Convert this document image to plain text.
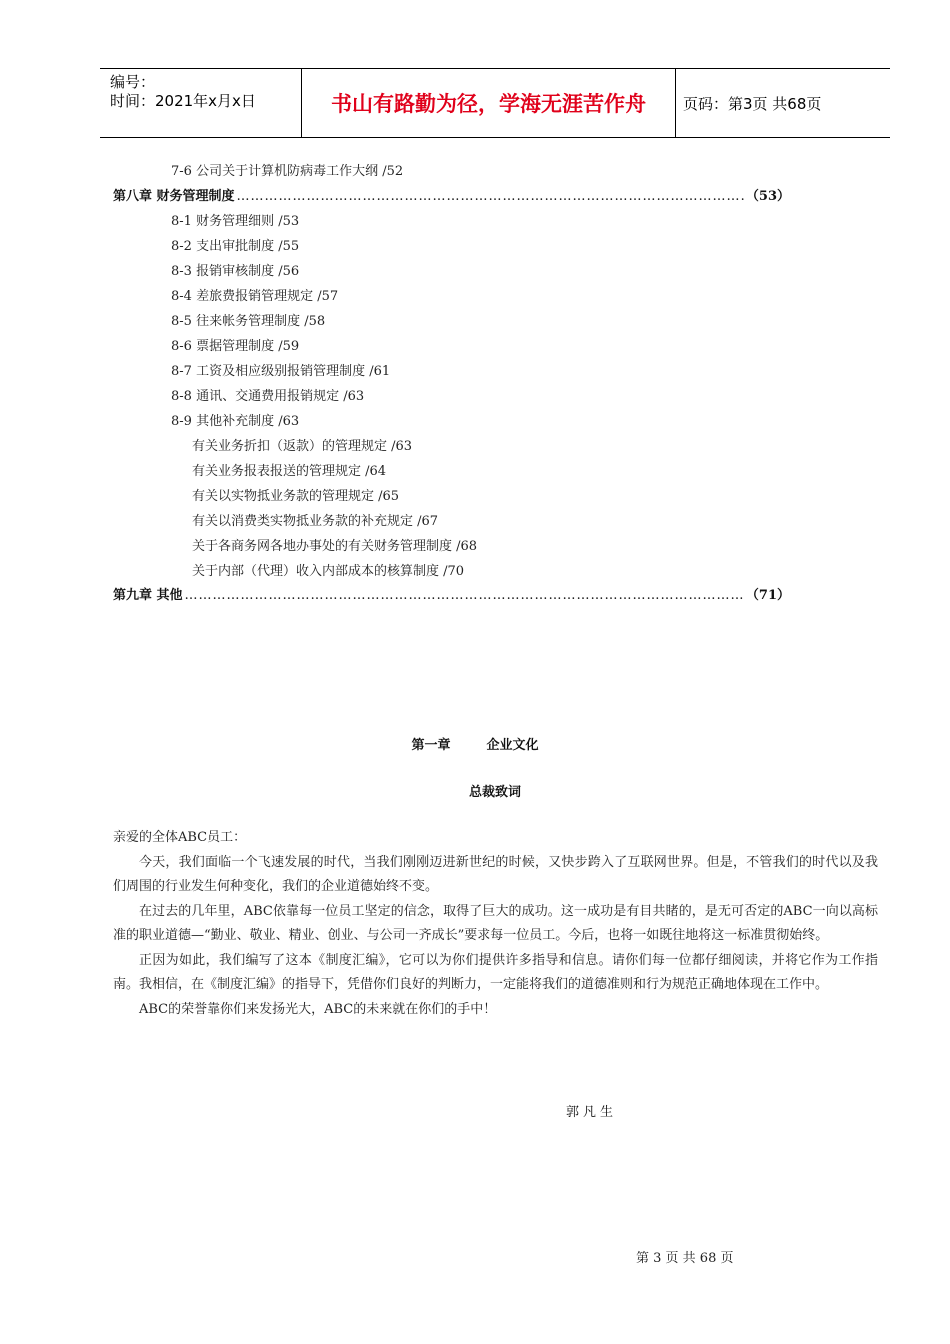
编号：
时间：2021年x月x日	书山有路勤为径，学海无涯苦作舟	页码：第3页 共68页
7-6 公司关于计算机防病毒工作大纲 /52
第八章 财务管理制度 ……………………………………………………………………………………………………………………………………………………………………………………………	（53）
8-1 财务管理细则 /53
8-2 支出审批制度 /55
8-3 报销审核制度 /56
8-4 差旅费报销管理规定 /57
8-5 往来帐务管理制度 /58
8-6 票据管理制度 /59
8-7 工资及相应级别报销管理制度 /61
8-8 通讯、交通费用报销规定 /63
8-9 其他补充制度 /63
有关业务折扣（返款）的管理规定 /63
有关业务报表报送的管理规定 /64
有关以实物抵业务款的管理规定 /65
有关以消费类实物抵业务款的补充规定 /67
关于各商务网各地办事处的有关财务管理制度 /68
关于内部（代理）收入内部成本的核算制度 /70
第九章 其他 ……………………………………………………………………………………………………………………………………………………………………………………………	（71）
第一章	企业文化
总裁致词

亲爱的全体ABC员工：

今天，我们面临一个飞速发展的时代，当我们刚刚迈进新世纪的时候，又快步跨入了互联网世界。但是，不管我们的时代以及我们周围的行业发生何种变化，我们的企业道德始终不变。

在过去的几年里，ABC依靠每一位员工坚定的信念，取得了巨大的成功。这一成功是有目共睹的，是无可否定的ABC一向以高标准的职业道德—“勤业、敬业、精业、创业、与公司一齐成长”要求每一位员工。今后，也将一如既往地将这一标准贯彻始终。

正因为如此，我们编写了这本《制度汇编》，它可以为你们提供许多指导和信息。请你们每一位都仔细阅读，并将它作为工作指南。我相信，在《制度汇编》的指导下，凭借你们良好的判断力，一定能将我们的道德准则和行为规范正确地体现在工作中。

ABC的荣誉靠你们来发扬光大，ABC的未来就在你们的手中！

郭凡生
第 3 页 共 68 页
